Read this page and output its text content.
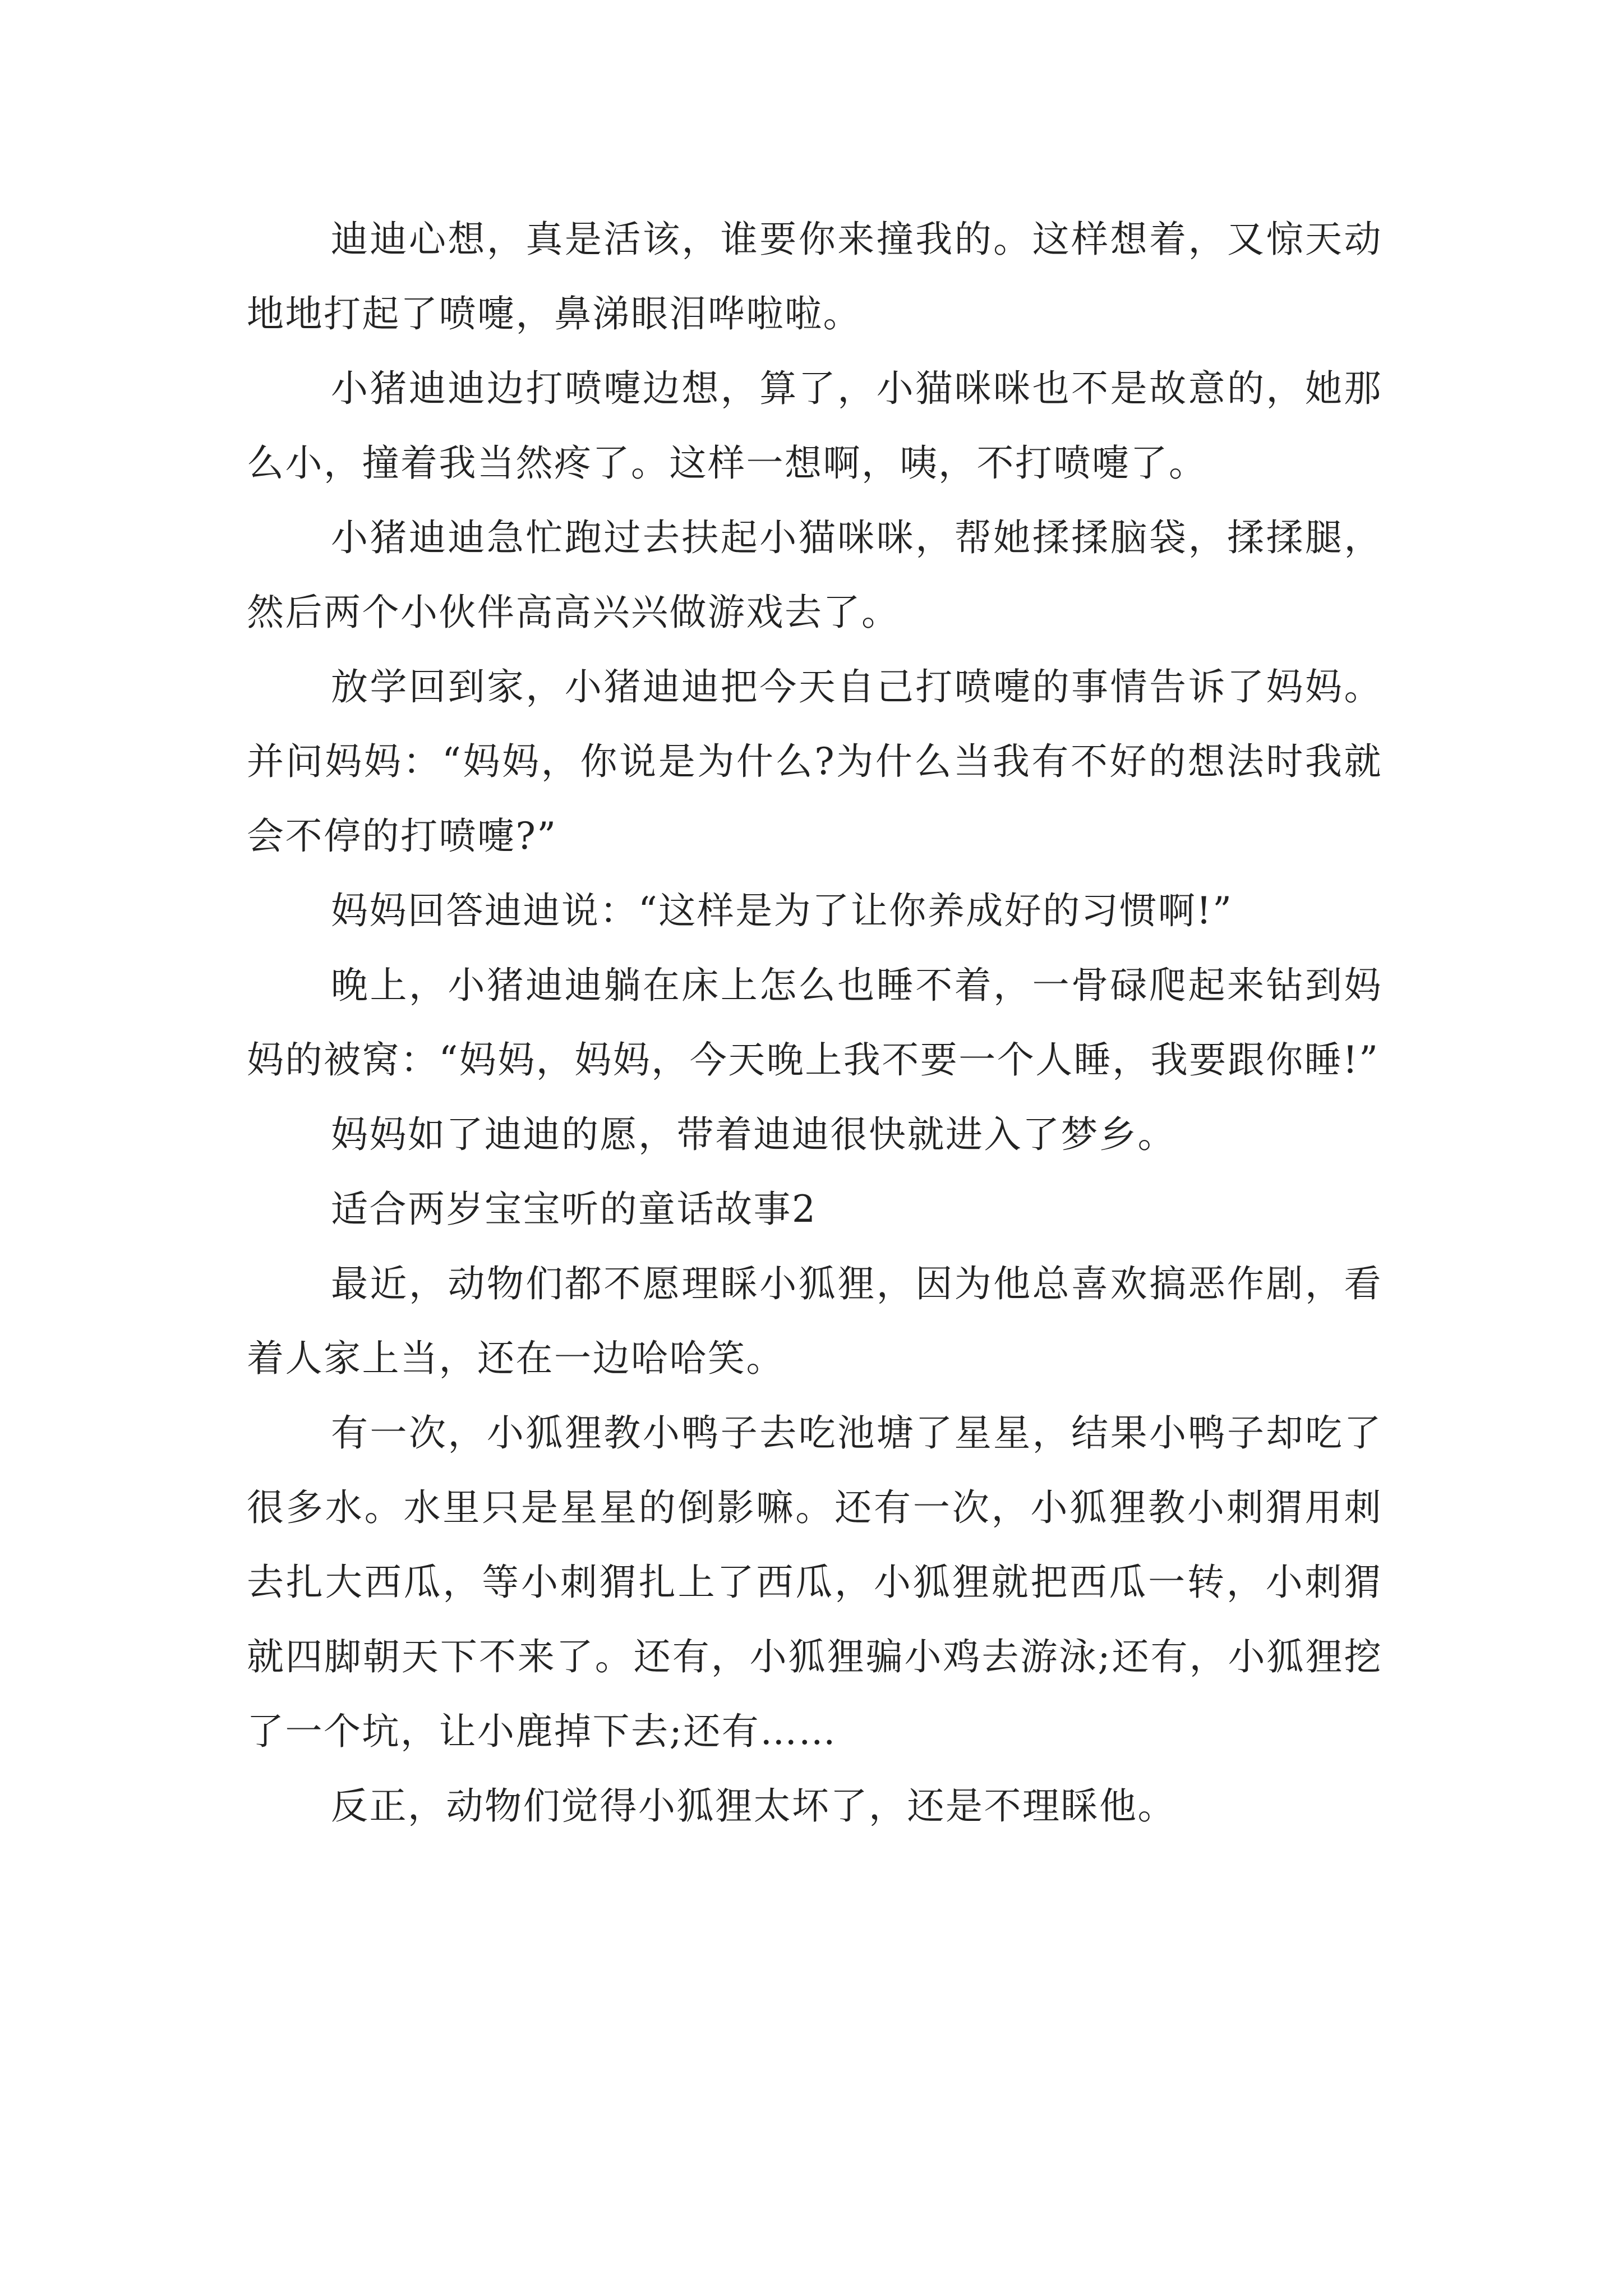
迪迪心想，真是活该，谁要你来撞我的。这样想着，又惊天动地地打起了喷嚏，鼻涕眼泪哗啦啦。

小猪迪迪边打喷嚏边想，算了，小猫咪咪也不是故意的，她那么小，撞着我当然疼了。这样一想啊，咦，不打喷嚏了。

小猪迪迪急忙跑过去扶起小猫咪咪，帮她揉揉脑袋，揉揉腿，然后两个小伙伴高高兴兴做游戏去了。

放学回到家，小猪迪迪把今天自己打喷嚏的事情告诉了妈妈。并问妈妈：“妈妈，你说是为什么?为什么当我有不好的想法时我就会不停的打喷嚏?”

妈妈回答迪迪说：“这样是为了让你养成好的习惯啊!”

晚上，小猪迪迪躺在床上怎么也睡不着，一骨碌爬起来钻到妈妈的被窝：“妈妈，妈妈，今天晚上我不要一个人睡，我要跟你睡!”

妈妈如了迪迪的愿，带着迪迪很快就进入了梦乡。

适合两岁宝宝听的童话故事2

最近，动物们都不愿理睬小狐狸，因为他总喜欢搞恶作剧，看着人家上当，还在一边哈哈笑。

有一次，小狐狸教小鸭子去吃池塘了星星，结果小鸭子却吃了很多水。水里只是星星的倒影嘛。还有一次，小狐狸教小刺猬用刺去扎大西瓜，等小刺猬扎上了西瓜，小狐狸就把西瓜一转，小刺猬就四脚朝天下不来了。还有，小狐狸骗小鸡去游泳;还有，小狐狸挖了一个坑，让小鹿掉下去;还有……

反正，动物们觉得小狐狸太坏了，还是不理睬他。
